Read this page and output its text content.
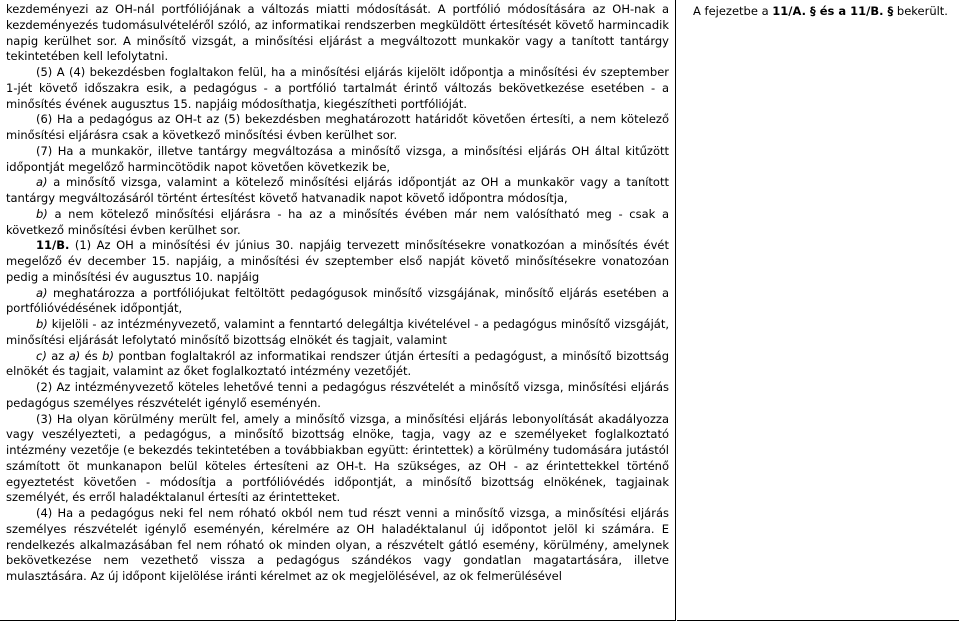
kezdeményezi az OH-nál portfóliójának a változás miatti módosítását. A portfólió módosítására az OH-nak a kezdeményezés tudomásulvételéről szóló, az informatikai rendszerben megküldött értesítését követő harmincadik napig kerülhet sor. A minősítő vizsgát, a minősítési eljárást a megváltozott munkakör vagy a tanított tantárgy tekintetében kell lefolytatni.

(5) A (4) bekezdésben foglaltakon felül, ha a minősítési eljárás kijelölt időpontja a minősítési év szeptember 1-jét követő időszakra esik, a pedagógus - a portfólió tartalmát érintő változás bekövetkezése esetében - a minősítés évének augusztus 15. napjáig módosíthatja, kiegészítheti portfólióját.

(6) Ha a pedagógus az OH-t az (5) bekezdésben meghatározott határidőt követően értesíti, a nem kötelező minősítési eljárásra csak a következő minősítési évben kerülhet sor.

(7) Ha a munkakör, illetve tantárgy megváltozása a minősítő vizsga, a minősítési eljárás OH által kitűzött időpontját megelőző harmincötödik napot követően következik be,

a) a minősítő vizsga, valamint a kötelező minősítési eljárás időpontját az OH a munkakör vagy a tanított tantárgy megváltozásáról történt értesítést követő hatvanadik napot követő időpontra módosítja,

b) a nem kötelező minősítési eljárásra - ha az a minősítés évében már nem valósítható meg - csak a következő minősítési évben kerülhet sor.

11/B. (1) Az OH a minősítési év június 30. napjáig tervezett minősítésekre vonatkozóan a minősítés évét megelőző év december 15. napjáig, a minősítési év szeptember első napját követő minősítésekre vonatozóan pedig a minősítési év augusztus 10. napjáig

a) meghatározza a portfóliójukat feltöltött pedagógusok minősítő vizsgájának, minősítő eljárás esetében a portfólióvédésének időpontját,

b) kijelöli - az intézményvezető, valamint a fenntartó delegáltja kivételével - a pedagógus minősítő vizsgáját, minősítési eljárását lefolytató minősítő bizottság elnökét és tagjait, valamint

c) az a) és b) pontban foglaltakról az informatikai rendszer útján értesíti a pedagógust, a minősítő bizottság elnökét és tagjait, valamint az őket foglalkoztató intézmény vezetőjét.

(2) Az intézményvezető köteles lehetővé tenni a pedagógus részvételét a minősítő vizsga, minősítési eljárás pedagógus személyes részvételét igénylő eseményén.

(3) Ha olyan körülmény merült fel, amely a minősítő vizsga, a minősítési eljárás lebonyolítását akadályozza vagy veszélyezteti, a pedagógus, a minősítő bizottság elnöke, tagja, vagy az e személyeket foglalkoztató intézmény vezetője (e bekezdés tekintetében a továbbiakban együtt: érintettek) a körülmény tudomására jutástól számított öt munkanapon belül köteles értesíteni az OH-t. Ha szükséges, az OH - az érintettekkel történő egyeztetést követően - módosítja a portfólióvédés időpontját, a minősítő bizottság elnökének, tagjainak személyét, és erről haladéktalanul értesíti az érintetteket.

(4) Ha a pedagógus neki fel nem róható okból nem tud részt venni a minősítő vizsga, a minősítési eljárás személyes részvételét igénylő eseményén, kérelmére az OH haladéktalanul új időpontot jelöl ki számára. E rendelkezés alkalmazásában fel nem róható ok minden olyan, a részvételt gátló esemény, körülmény, amelynek bekövetkezése nem vezethető vissza a pedagógus szándékos vagy gondatlan magatartására, illetve mulasztására. Az új időpont kijelölése iránti kérelmet az ok megjelölésével, az ok felmerülésével

A fejezetbe a 11/A. § és a 11/B. § bekerült.
